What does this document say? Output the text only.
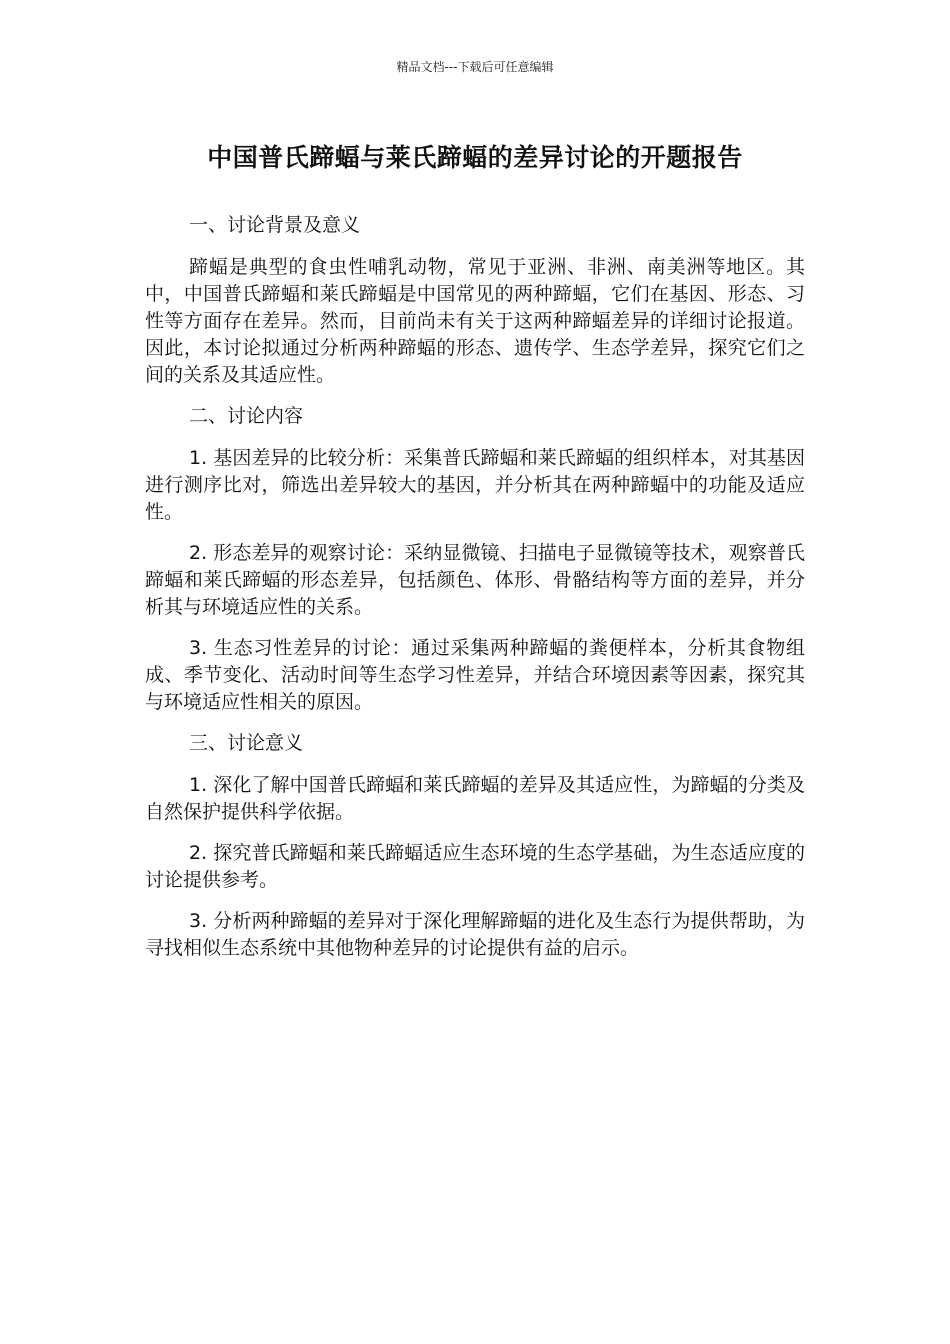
精品文档---下载后可任意编辑
中国普氏蹄蝠与莱氏蹄蝠的差异讨论的开题报告

一、讨论背景及意义

蹄蝠是典型的食虫性哺乳动物，常见于亚洲、非洲、南美洲等地区。其中，中国普氏蹄蝠和莱氏蹄蝠是中国常见的两种蹄蝠，它们在基因、形态、习性等方面存在差异。然而，目前尚未有关于这两种蹄蝠差异的详细讨论报道。因此，本讨论拟通过分析两种蹄蝠的形态、遗传学、生态学差异，探究它们之间的关系及其适应性。

二、讨论内容

1. 基因差异的比较分析：采集普氏蹄蝠和莱氏蹄蝠的组织样本，对其基因进行测序比对，筛选出差异较大的基因，并分析其在两种蹄蝠中的功能及适应性。

2. 形态差异的观察讨论：采纳显微镜、扫描电子显微镜等技术，观察普氏蹄蝠和莱氏蹄蝠的形态差异，包括颜色、体形、骨骼结构等方面的差异，并分析其与环境适应性的关系。

3. 生态习性差异的讨论：通过采集两种蹄蝠的粪便样本，分析其食物组成、季节变化、活动时间等生态学习性差异，并结合环境因素等因素，探究其与环境适应性相关的原因。

三、讨论意义

1. 深化了解中国普氏蹄蝠和莱氏蹄蝠的差异及其适应性，为蹄蝠的分类及自然保护提供科学依据。

2. 探究普氏蹄蝠和莱氏蹄蝠适应生态环境的生态学基础，为生态适应度的讨论提供参考。

3. 分析两种蹄蝠的差异对于深化理解蹄蝠的进化及生态行为提供帮助，为寻找相似生态系统中其他物种差异的讨论提供有益的启示。
